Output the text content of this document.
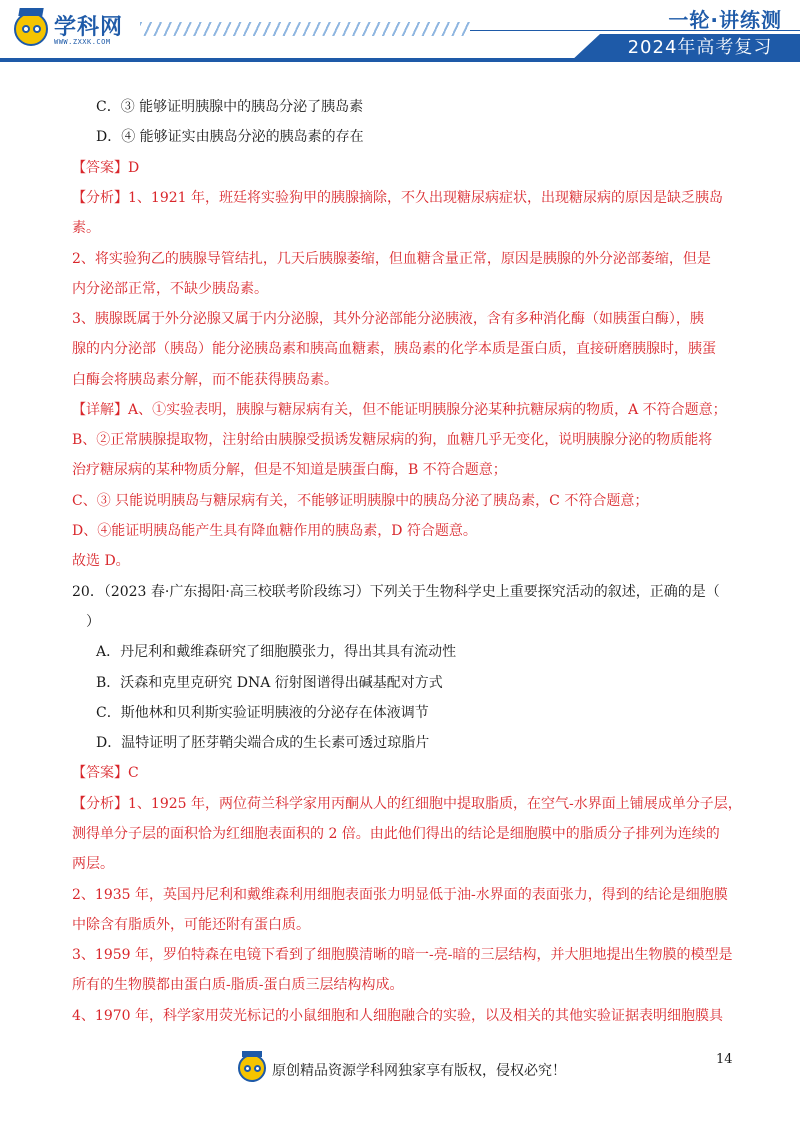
学科网
WWW.ZXXK.COM
一轮·讲练测
2024年高考复习
C．③ 能够证明胰腺中的胰岛分泌了胰岛素
D．④ 能够证实由胰岛分泌的胰岛素的存在
【答案】D
【分析】1、1921 年，班廷将实验狗甲的胰腺摘除，不久出现糖尿病症状，出现糖尿病的原因是缺乏胰岛
素。
2、将实验狗乙的胰腺导管结扎，几天后胰腺萎缩，但血糖含量正常，原因是胰腺的外分泌部萎缩，但是
内分泌部正常，不缺少胰岛素。
3、胰腺既属于外分泌腺又属于内分泌腺，其外分泌部能分泌胰液，含有多种消化酶（如胰蛋白酶），胰
腺的内分泌部（胰岛）能分泌胰岛素和胰高血糖素，胰岛素的化学本质是蛋白质，直接研磨胰腺时，胰蛋
白酶会将胰岛素分解，而不能获得胰岛素。
【详解】A、①实验表明，胰腺与糖尿病有关，但不能证明胰腺分泌某种抗糖尿病的物质，A 不符合题意；
B、②正常胰腺提取物，注射给由胰腺受损诱发糖尿病的狗，血糖几乎无变化，说明胰腺分泌的物质能将
治疗糖尿病的某种物质分解，但是不知道是胰蛋白酶，B 不符合题意；
C、③ 只能说明胰岛与糖尿病有关，不能够证明胰腺中的胰岛分泌了胰岛素，C 不符合题意；
D、④能证明胰岛能产生具有降血糖作用的胰岛素，D 符合题意。
故选 D。
20．（2023 春·广东揭阳·高三校联考阶段练习）下列关于生物科学史上重要探究活动的叙述，正确的是（
）
A．丹尼利和戴维森研究了细胞膜张力，得出其具有流动性
B．沃森和克里克研究 DNA 衍射图谱得出碱基配对方式
C．斯他林和贝利斯实验证明胰液的分泌存在体液调节
D．温特证明了胚芽鞘尖端合成的生长素可透过琼脂片
【答案】C
【分析】1、1925 年，两位荷兰科学家用丙酮从人的红细胞中提取脂质，在空气-水界面上铺展成单分子层，
测得单分子层的面积恰为红细胞表面积的 2 倍。由此他们得出的结论是细胞膜中的脂质分子排列为连续的
两层。
2、1935 年，英国丹尼利和戴维森利用细胞表面张力明显低于油-水界面的表面张力，得到的结论是细胞膜
中除含有脂质外，可能还附有蛋白质。
3、1959 年，罗伯特森在电镜下看到了细胞膜清晰的暗一-亮-暗的三层结构，并大胆地提出生物膜的模型是
所有的生物膜都由蛋白质-脂质-蛋白质三层结构构成。
4、1970 年，科学家用荧光标记的小鼠细胞和人细胞融合的实验，以及相关的其他实验证据表明细胞膜具
14
原创精品资源学科网独家享有版权，侵权必究！
